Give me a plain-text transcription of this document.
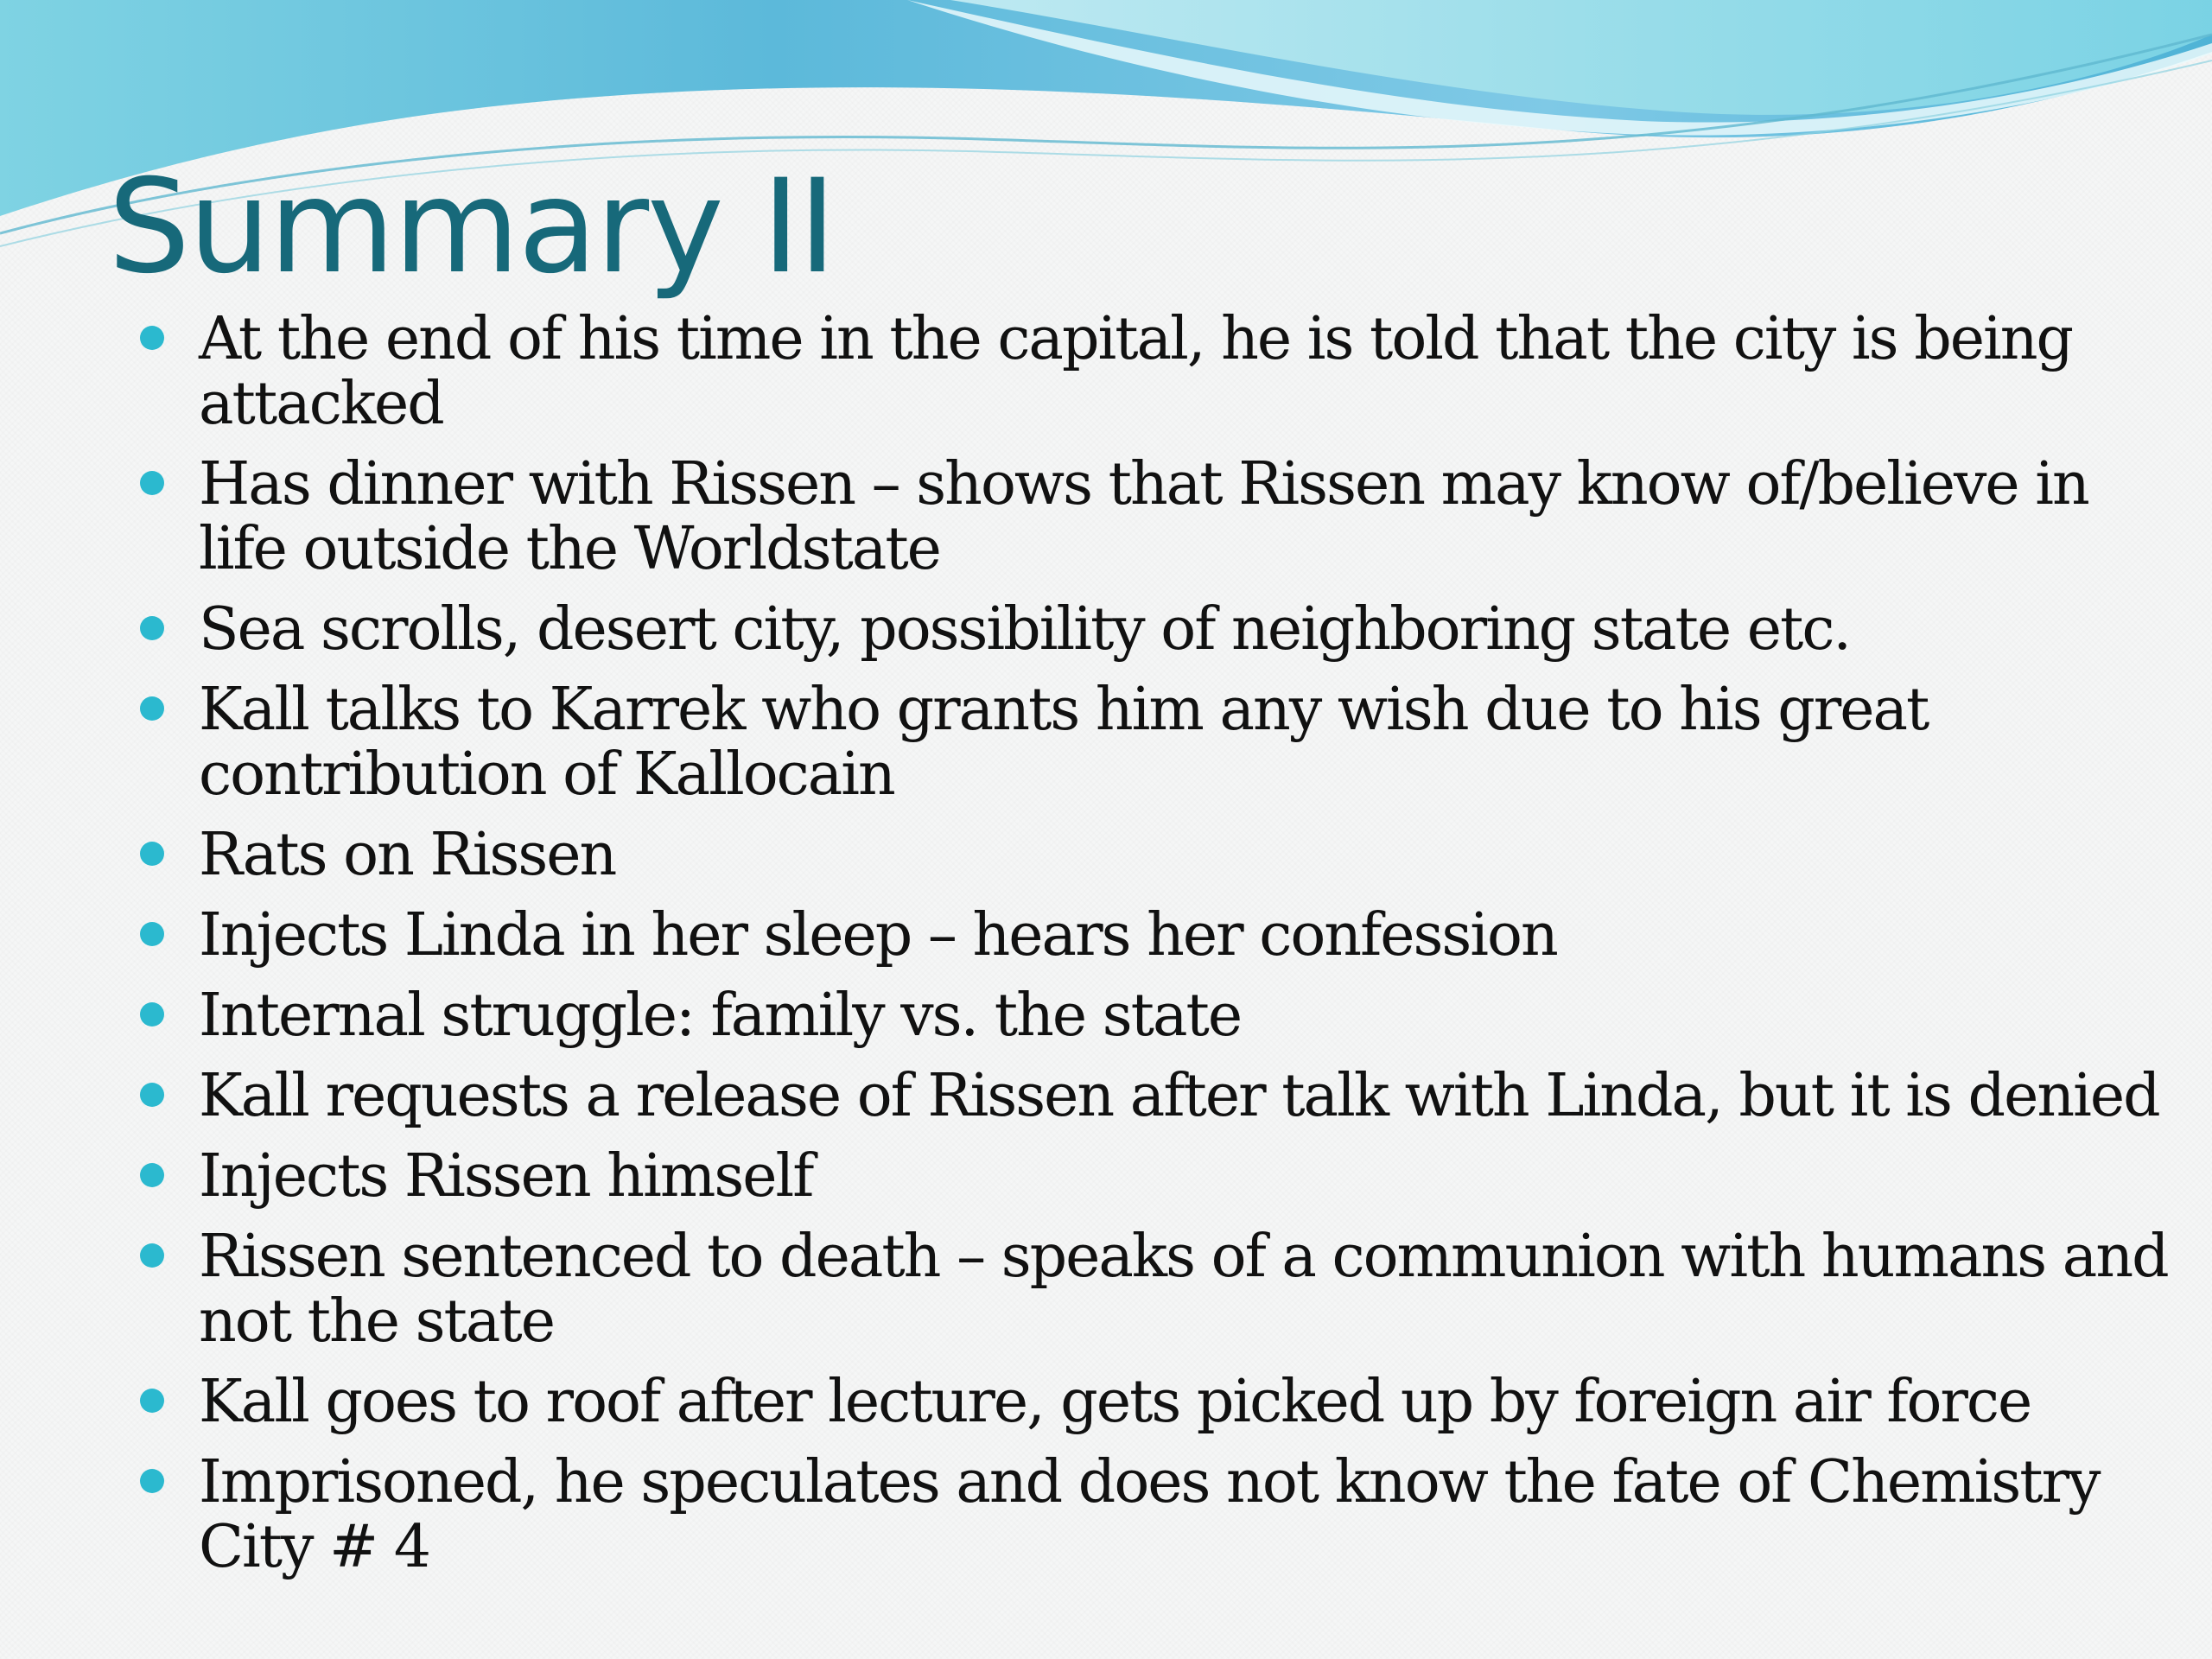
Summary II
At the end of his time in the capital, he is told that the city is being attacked
Has dinner with Rissen – shows that Rissen may know of/believe in life outside the Worldstate
Sea scrolls, desert city, possibility of neighboring state etc.
Kall talks to Karrek who grants him any wish due to his great contribution of Kallocain
Rats on Rissen
Injects Linda in her sleep – hears her confession
Internal struggle: family vs. the state
Kall requests a release of Rissen after talk with Linda, but it is denied
Injects Rissen himself
Rissen sentenced to death – speaks of a communion with humans and not the state
Kall goes to roof after lecture, gets picked up by foreign air force
Imprisoned, he speculates and does not know the fate of Chemistry City # 4
